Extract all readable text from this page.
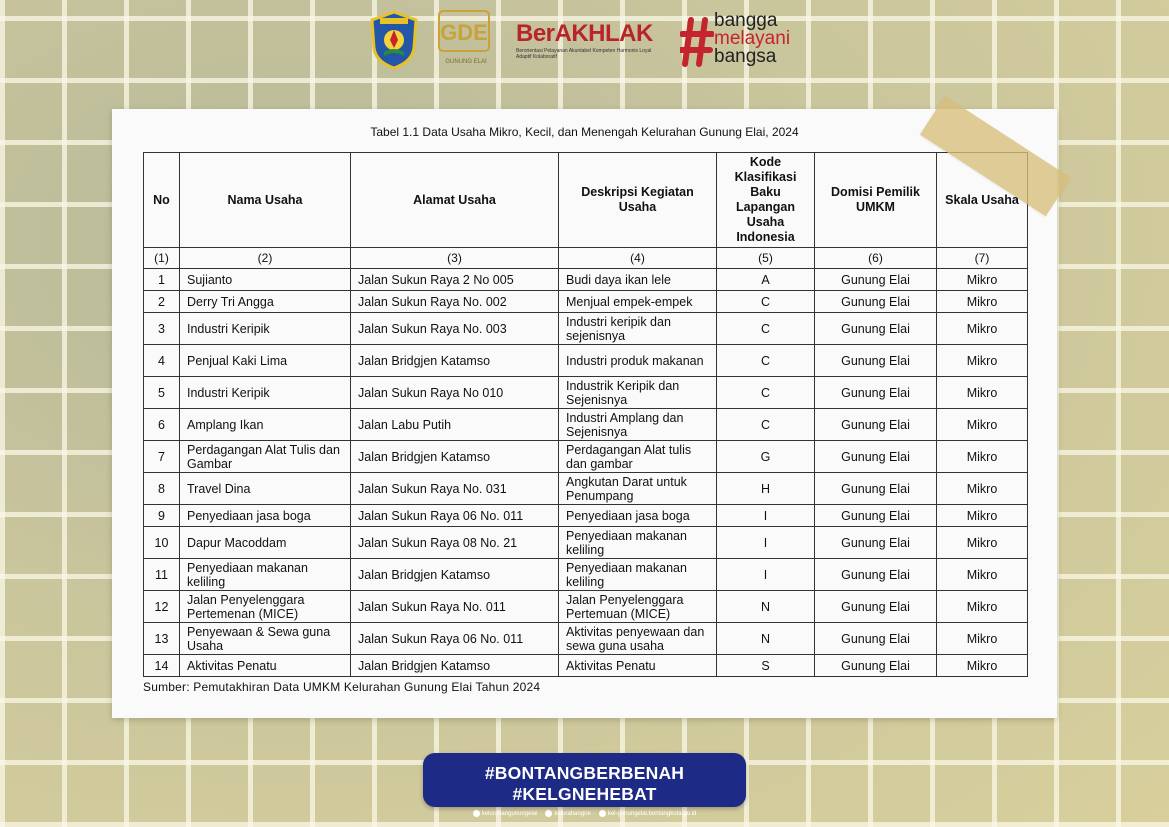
GDE
GUNUNG ELAI
BerAKHLAK
Berorientasi Pelayanan Akuntabel Kompeten Harmonis Loyal Adaptif Kolaboratif
bangga
melayani
bangsa
Tabel 1.1 Data Usaha Mikro, Kecil, dan Menengah Kelurahan Gunung Elai, 2024
No	Nama Usaha	Alamat Usaha	Deskripsi Kegiatan Usaha	Kode Klasifikasi Baku Lapangan Usaha Indonesia	Domisi Pemilik UMKM	Skala Usaha
(1)	(2)	(3)	(4)	(5)	(6)	(7)
1	Sujianto	Jalan Sukun Raya 2 No 005	Budi daya ikan lele	A	Gunung Elai	Mikro
2	Derry Tri Angga	Jalan Sukun Raya No. 002	Menjual empek-empek	C	Gunung Elai	Mikro
3	Industri Keripik	Jalan Sukun Raya No. 003	Industri keripik dan sejenisnya	C	Gunung Elai	Mikro
4	Penjual Kaki Lima	Jalan Bridgjen Katamso	Industri produk makanan	C	Gunung Elai	Mikro
5	Industri Keripik	Jalan Sukun Raya No 010	Industrik Keripik dan Sejenisnya	C	Gunung Elai	Mikro
6	Amplang Ikan	Jalan Labu Putih	Industri Amplang dan Sejenisnya	C	Gunung Elai	Mikro
7	Perdagangan Alat Tulis dan Gambar	Jalan Bridgjen Katamso	Perdagangan Alat tulis dan gambar	G	Gunung Elai	Mikro
8	Travel Dina	Jalan Sukun Raya No. 031	Angkutan Darat untuk Penumpang	H	Gunung Elai	Mikro
9	Penyediaan jasa boga	Jalan Sukun Raya 06 No. 011	Penyediaan jasa boga	I	Gunung Elai	Mikro
10	Dapur Macoddam	Jalan Sukun Raya 08 No. 21	Penyediaan makanan keliling	I	Gunung Elai	Mikro
11	Penyediaan makanan keliling	Jalan Bridgjen Katamso	Penyediaan makanan keliling	I	Gunung Elai	Mikro
12	Jalan Penyelenggara Pertemenan (MICE)	Jalan Sukun Raya No. 011	Jalan Penyelenggara Pertemuan (MICE)	N	Gunung Elai	Mikro
13	Penyewaan & Sewa guna Usaha	Jalan Sukun Raya 06 No. 011	Aktivitas penyewaan dan sewa guna usaha	N	Gunung Elai	Mikro
14	Aktivitas Penatu	Jalan Bridgjen Katamso	Aktivitas Penatu	S	Gunung Elai	Mikro
Sumber: Pemutakhiran Data UMKM Kelurahan Gunung Elai Tahun 2024
#BONTANGBERBENAH #KELGNEHEBAT
kelurahangunungelai	kelurahangne	kel-gunungelai.bontangkota.go.id
